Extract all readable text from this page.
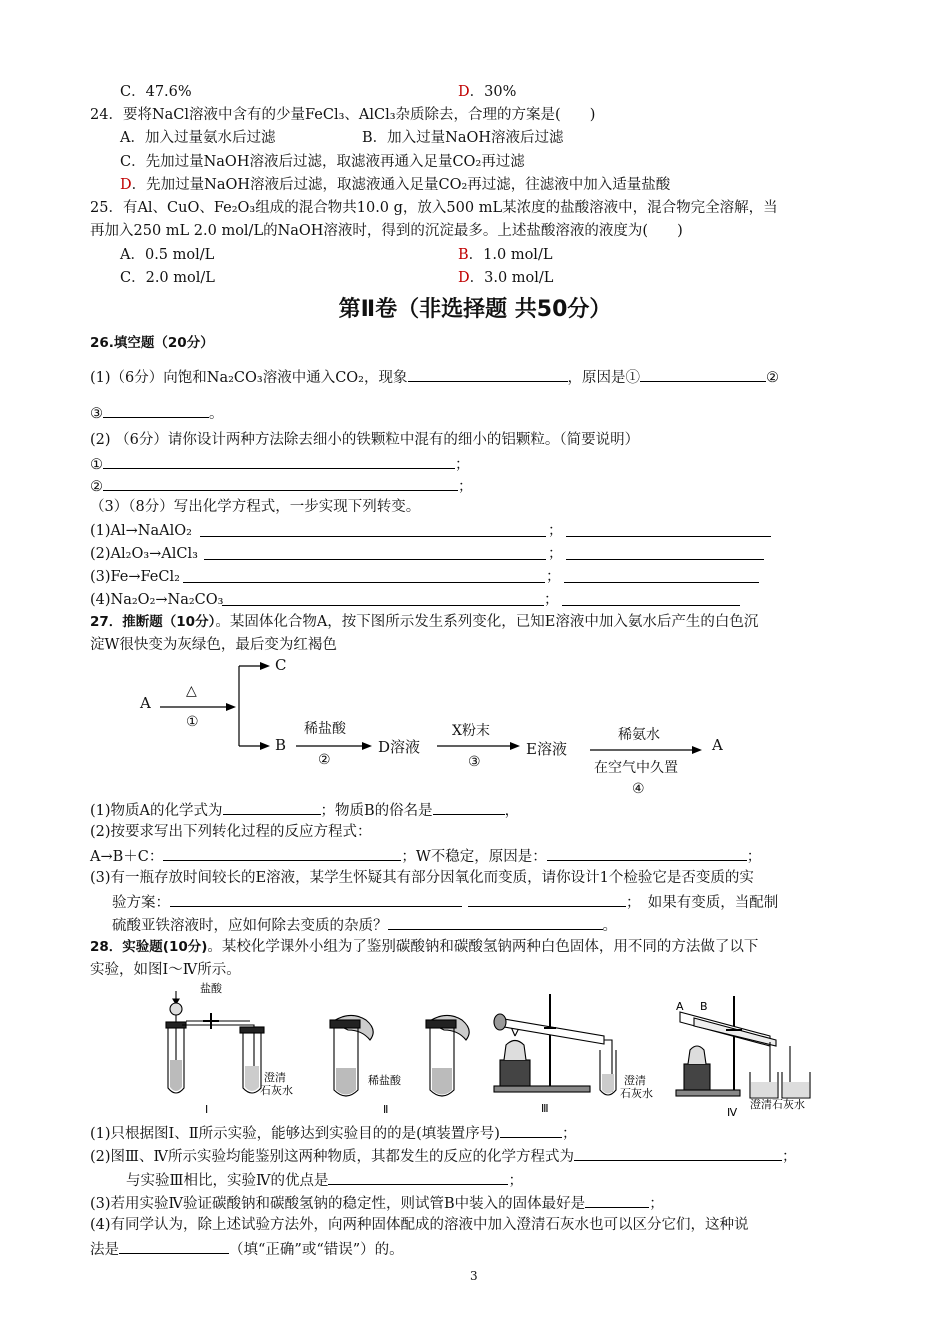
C．47.6%	D．30%
24．要将NaCl溶液中含有的少量FeCl₃、AlCl₃杂质除去，合理的方案是(　　)
A．加入过量氨水后过滤	B．加入过量NaOH溶液后过滤
C．先加过量NaOH溶液后过滤，取滤液再通入足量CO₂再过滤
D．先加过量NaOH溶液后过滤，取滤液通入足量CO₂再过滤，往滤液中加入适量盐酸
25．有Al、CuO、Fe₂O₃组成的混合物共10.0 g，放入500 mL某浓度的盐酸溶液中，混合物完全溶解，当
再加入250 mL 2.0 mol/L的NaOH溶液时，得到的沉淀最多。上述盐酸溶液的液度为(　　)
A．0.5 mol/L	B．1.0 mol/L
C．2.0 mol/L	D．3.0 mol/L
第Ⅱ卷（非选择题 共50分）
26.填空题（20分）
(1)（6分）向饱和Na₂CO₃溶液中通入CO₂，现象	，原因是①	②
③	。
(2) （6分）请你设计两种方法除去细小的铁颗粒中混有的细小的铝颗粒。（简要说明）
①	；
②	；
（3）（8分）写出化学方程式，一步实现下列转变。
(1)Al→NaAlO₂	；
(2)Al₂O₃→AlCl₃	；
(3)Fe→FeCl₂	；
(4)Na₂O₂→Na₂CO₃	；
27．推断题（10分）。某固体化合物A，按下图所示发生系列变化，已知E溶液中加入氨水后产生的白色沉
淀W很快变为灰绿色，最后变为红褐色
A
△
①
C
B
稀盐酸
②
D溶液
X粉末
③
E溶液
稀氨水
在空气中久置
④
A
(1)物质A的化学式为	；物质B的俗名是	，
(2)按要求写出下列转化过程的反应方程式：
A→B＋C：	；W不稳定，原因是：	；
(3)有一瓶存放时间较长的E溶液，某学生怀疑其有部分因氧化而变质，请你设计1个检验它是否变质的实
验方案：	；　如果有变质，当配制
硫酸亚铁溶液时，应如何除去变质的杂质？	。
28．实验题(10分)。某校化学课外小组为了鉴别碳酸钠和碳酸氢钠两种白色固体，用不同的方法做了以下
实验，如图Ⅰ～Ⅳ所示。
盐酸
澄清
石灰水
Ⅰ
稀盐酸
Ⅱ
澄清
石灰水
Ⅲ
A B
澄清石灰水
Ⅳ
(1)只根据图Ⅰ、Ⅱ所示实验，能够达到实验目的的是(填装置序号)	；
(2)图Ⅲ、Ⅳ所示实验均能鉴别这两种物质，其都发生的反应的化学方程式为	；
与实验Ⅲ相比，实验Ⅳ的优点是	；
(3)若用实验Ⅳ验证碳酸钠和碳酸氢钠的稳定性，则试管B中装入的固体最好是	；
(4)有同学认为，除上述试验方法外，向两种固体配成的溶液中加入澄清石灰水也可以区分它们，这种说
法是	（填“正确”或“错误”）的。
3
